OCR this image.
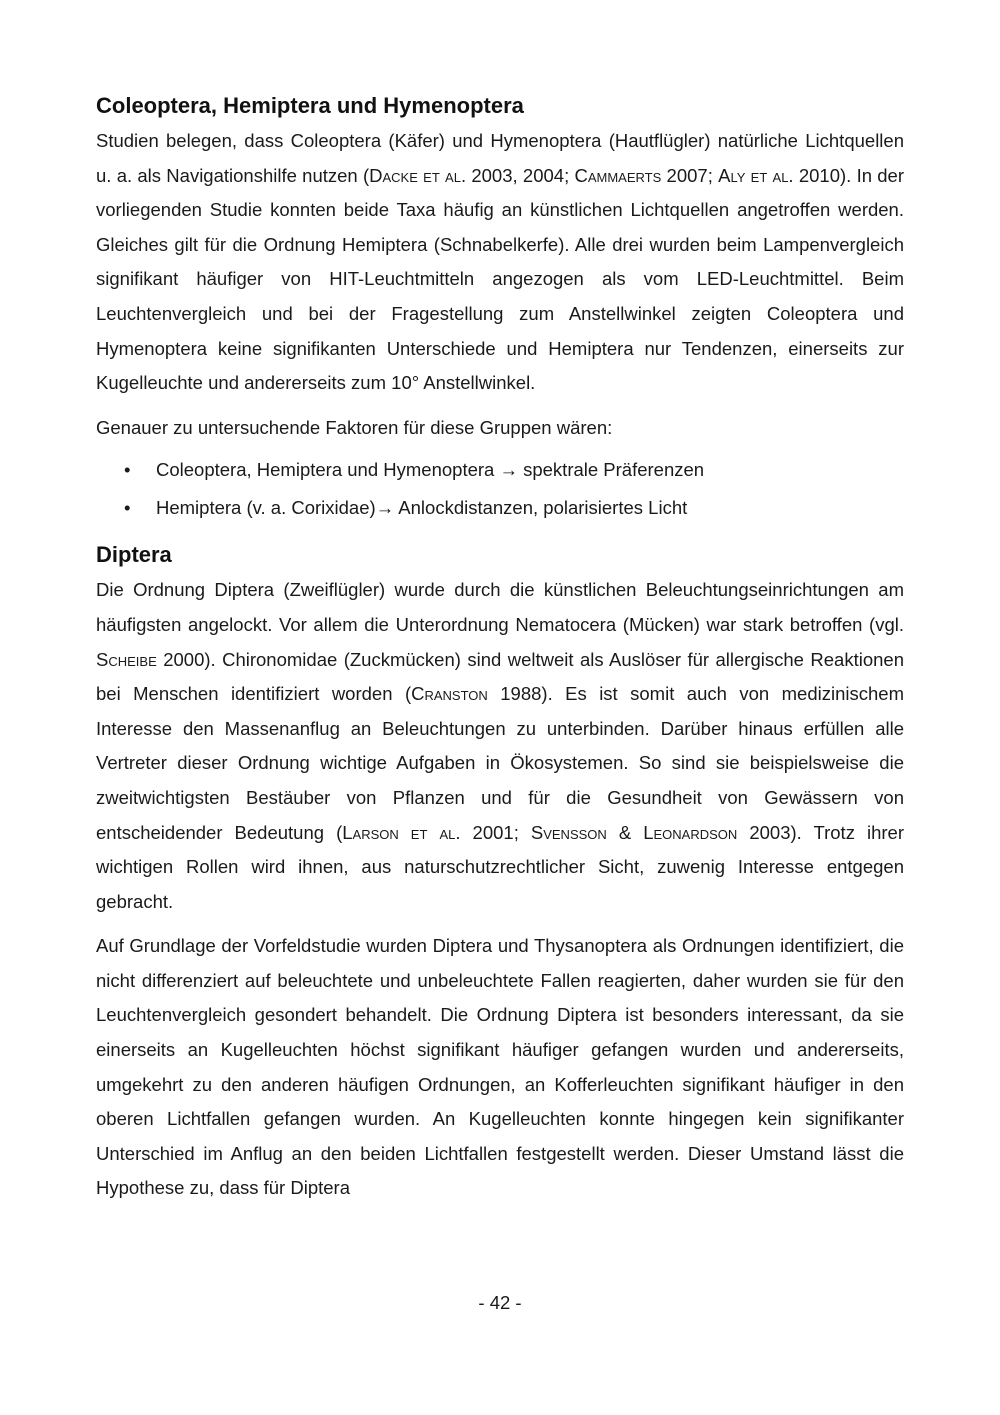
Coleoptera, Hemiptera und Hymenoptera

Studien belegen, dass Coleoptera (Käfer) und Hymenoptera (Hautflügler) natürliche Lichtquellen u. a. als Navigationshilfe nutzen (Dacke et al. 2003, 2004; Cammaerts 2007; Aly et al. 2010). In der vorliegenden Studie konnten beide Taxa häufig an künstlichen Lichtquellen angetroffen werden. Gleiches gilt für die Ordnung Hemiptera (Schnabelkerfe). Alle drei wurden beim Lampenvergleich signifikant häufiger von HIT-Leuchtmitteln angezogen als vom LED-Leuchtmittel. Beim Leuchtenvergleich und bei der Fragestellung zum Anstellwinkel zeigten Coleoptera und Hymenoptera keine signifikanten Unterschiede und Hemiptera nur Tendenzen, einerseits zur Kugelleuchte und andererseits zum 10° Anstellwinkel.

Genauer zu untersuchende Faktoren für diese Gruppen wären:

• Coleoptera, Hemiptera und Hymenoptera → spektrale Präferenzen
• Hemiptera (v. a. Corixidae)→ Anlockdistanzen, polarisiertes Licht
Diptera

Die Ordnung Diptera (Zweiflügler) wurde durch die künstlichen Beleuchtungseinrichtungen am häufigsten angelockt. Vor allem die Unterordnung Nematocera (Mücken) war stark betroffen (vgl. Scheibe 2000). Chironomidae (Zuckmücken) sind weltweit als Auslöser für allergische Reaktionen bei Menschen identifiziert worden (Cranston 1988). Es ist somit auch von medizinischem Interesse den Massenanflug an Beleuchtungen zu unterbinden. Darüber hinaus erfüllen alle Vertreter dieser Ordnung wichtige Aufgaben in Ökosystemen. So sind sie beispielsweise die zweitwichtigsten Bestäuber von Pflanzen und für die Gesundheit von Gewässern von entscheidender Bedeutung (Larson et al. 2001; Svensson & Leonardson 2003). Trotz ihrer wichtigen Rollen wird ihnen, aus naturschutzrechtlicher Sicht, zuwenig Interesse entgegen gebracht.

Auf Grundlage der Vorfeldstudie wurden Diptera und Thysanoptera als Ordnungen identifiziert, die nicht differenziert auf beleuchtete und unbeleuchtete Fallen reagierten, daher wurden sie für den Leuchtenvergleich gesondert behandelt. Die Ordnung Diptera ist besonders interessant, da sie einerseits an Kugelleuchten höchst signifikant häufiger gefangen wurden und andererseits, umgekehrt zu den anderen häufigen Ordnungen, an Kofferleuchten signifikant häufiger in den oberen Lichtfallen gefangen wurden. An Kugelleuchten konnte hingegen kein signifikanter Unterschied im Anflug an den beiden Lichtfallen festgestellt werden. Dieser Umstand lässt die Hypothese zu, dass für Diptera

- 42 -
